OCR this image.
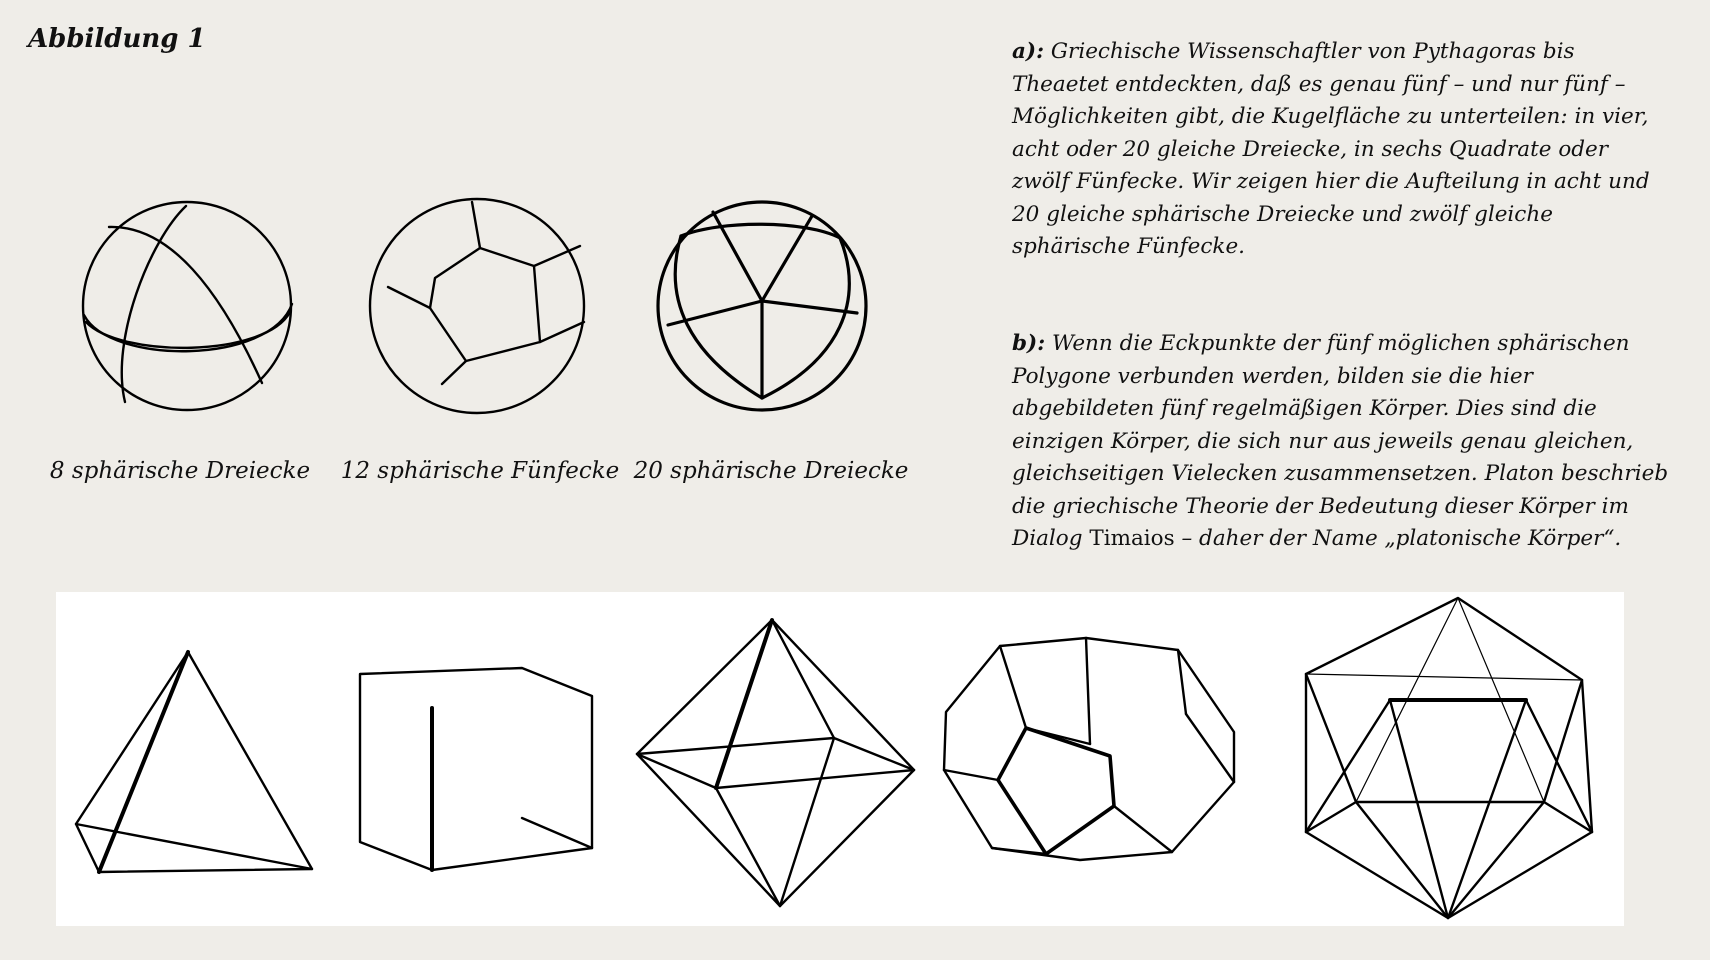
Abbildung 1
8 sphärische Dreiecke 12 sphärische Fünfecke 20 sphärische Dreiecke
a): Griechische Wissenschaftler von Pythagoras bis Theaetet entdeckten, daß es genau fünf – und nur fünf – Möglichkeiten gibt, die Kugelfläche zu unterteilen: in vier, acht oder 20 gleiche Dreiecke, in sechs Quadrate oder zwölf Fünfecke. Wir zeigen hier die Aufteilung in acht und 20 gleiche sphärische Dreiecke und zwölf gleiche sphärische Fünfecke.
b): Wenn die Eckpunkte der fünf möglichen sphärischen Polygone verbunden werden, bilden sie die hier abgebildeten fünf regelmäßigen Körper. Dies sind die einzigen Körper, die sich nur aus jeweils genau gleichen, gleichseitigen Vielecken zusammensetzen. Platon beschrieb die griechische Theorie der Bedeutung dieser Körper im Dialog Timaios – daher der Name „platonische Körper“.
